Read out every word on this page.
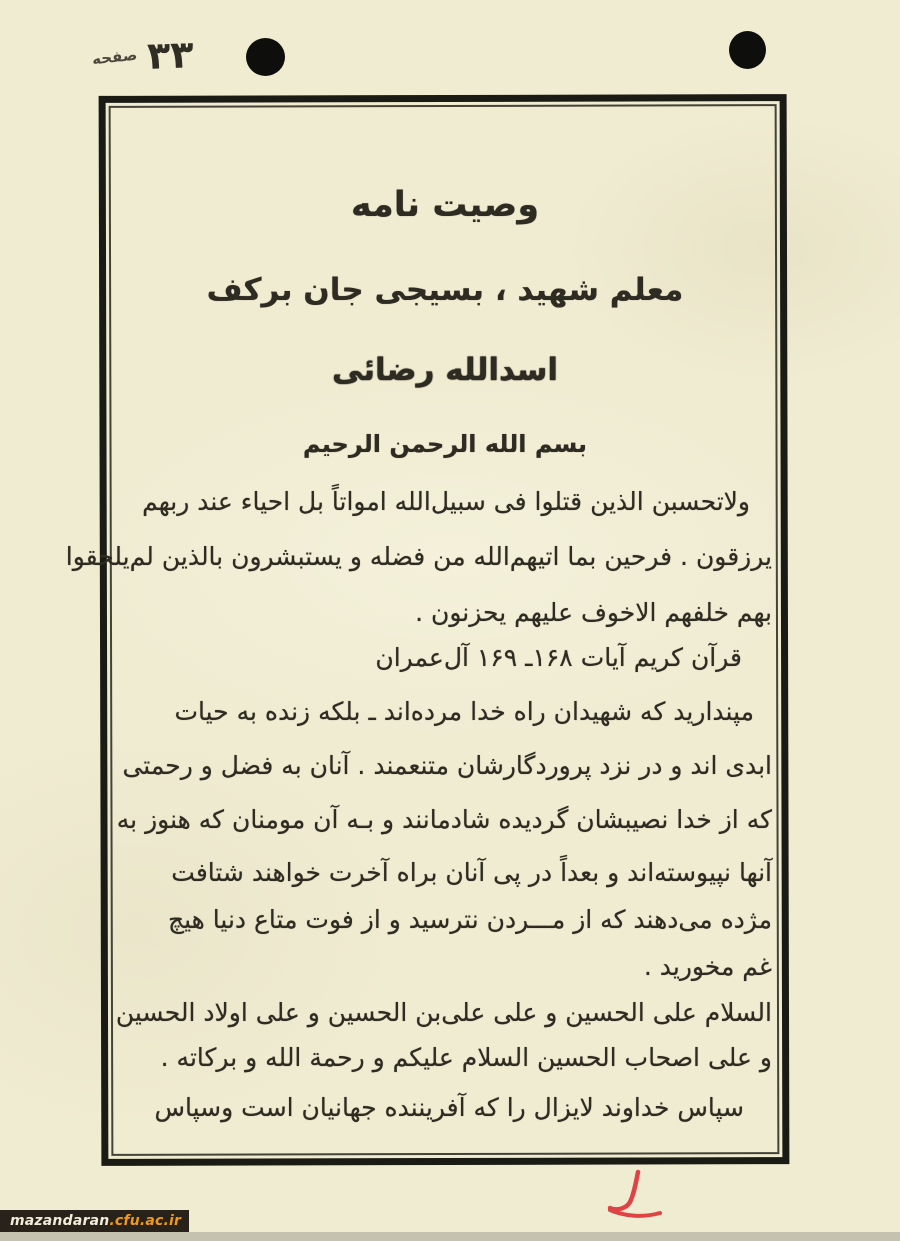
۳۳
صفحه
وصیت نامه
معلم شهید ، بسیجی جان برکف
اسدالله رضائی
بسم الله الرحمن الرحیم
ولاتحسبن الذین قتلوا فی سبیل‌الله امواتاً بل احیاء عند ربهم
یرزقون . فرحین بما اتیهم‌الله من فضله و یستبشرون بالذین لم‌یلحقوا
بهم خلفهم الاخوف علیهم یحزنون .
قرآن کریم آیات ۱۶۸ـ ۱۶۹ آل‌عمران
مپندارید که شهیدان راه خدا مرده‌اند ـ بلکه زنده به حیات
ابدی اند و در نزد پروردگارشان متنعمند . آنان به فضل و رحمتی
که از خدا نصیبشان گردیده شادمانند و بـه آن مومنان که هنوز به
آنها نپیوسته‌اند و بعداً در پی آنان براه آخرت خواهند شتافت
مژده می‌دهند که از مـــردن نترسید و از فوت متاع دنیا هیچ
غم مخورید .
السلام علی الحسین و علی علی‌بن الحسین و علی اولاد الحسین
و علی اصحاب الحسین السلام علیکم و رحمة الله و برکاته .
سپاس خداوند لایزال را که آفریننده جهانیان است وسپاس
mazandaran .cfu.ac.ir
